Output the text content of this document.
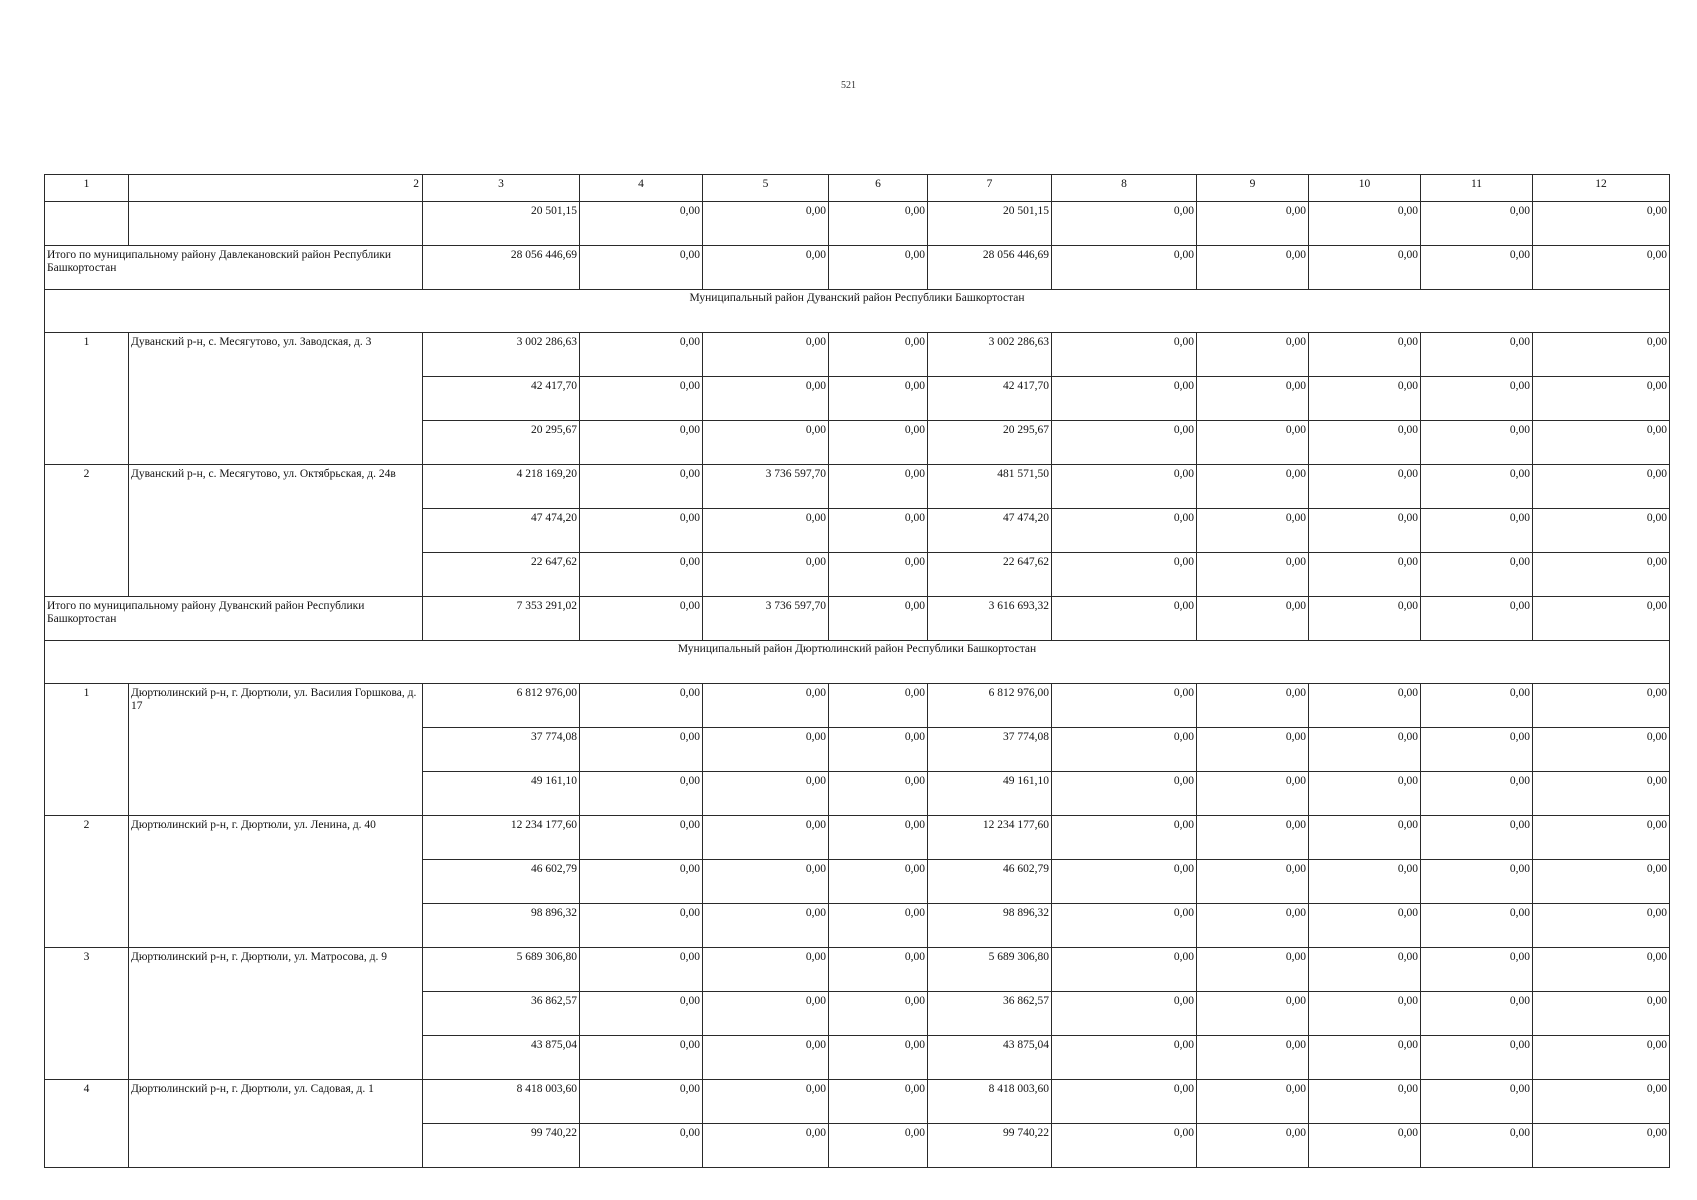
521
1	2	3	4	5	6	7	8	9	10	11	12
		20 501,15	0,00	0,00	0,00	20 501,15	0,00	0,00	0,00	0,00	0,00
Итого по муниципальному району Давлекановский район Республики Башкортостан		28 056 446,69	0,00	0,00	0,00	28 056 446,69	0,00	0,00	0,00	0,00	0,00
Муниципальный район Дуванский район Республики Башкортостан											
1	Дуванский р-н, с. Месягутово, ул. Заводская, д. 3	3 002 286,63	0,00	0,00	0,00	3 002 286,63	0,00	0,00	0,00	0,00	0,00
		42 417,70	0,00	0,00	0,00	42 417,70	0,00	0,00	0,00	0,00	0,00
		20 295,67	0,00	0,00	0,00	20 295,67	0,00	0,00	0,00	0,00	0,00
2	Дуванский р-н, с. Месягутово, ул. Октябрьская, д. 24в	4 218 169,20	0,00	3 736 597,70	0,00	481 571,50	0,00	0,00	0,00	0,00	0,00
		47 474,20	0,00	0,00	0,00	47 474,20	0,00	0,00	0,00	0,00	0,00
		22 647,62	0,00	0,00	0,00	22 647,62	0,00	0,00	0,00	0,00	0,00
Итого по муниципальному району Дуванский район Республики Башкортостан		7 353 291,02	0,00	3 736 597,70	0,00	3 616 693,32	0,00	0,00	0,00	0,00	0,00
Муниципальный район Дюртюлинский район Республики Башкортостан											
1	Дюртюлинский р-н, г. Дюртюли, ул. Василия Горшкова, д. 17	6 812 976,00	0,00	0,00	0,00	6 812 976,00	0,00	0,00	0,00	0,00	0,00
		37 774,08	0,00	0,00	0,00	37 774,08	0,00	0,00	0,00	0,00	0,00
		49 161,10	0,00	0,00	0,00	49 161,10	0,00	0,00	0,00	0,00	0,00
2	Дюртюлинский р-н, г. Дюртюли, ул. Ленина, д. 40	12 234 177,60	0,00	0,00	0,00	12 234 177,60	0,00	0,00	0,00	0,00	0,00
		46 602,79	0,00	0,00	0,00	46 602,79	0,00	0,00	0,00	0,00	0,00
		98 896,32	0,00	0,00	0,00	98 896,32	0,00	0,00	0,00	0,00	0,00
3	Дюртюлинский р-н, г. Дюртюли, ул. Матросова, д. 9	5 689 306,80	0,00	0,00	0,00	5 689 306,80	0,00	0,00	0,00	0,00	0,00
		36 862,57	0,00	0,00	0,00	36 862,57	0,00	0,00	0,00	0,00	0,00
		43 875,04	0,00	0,00	0,00	43 875,04	0,00	0,00	0,00	0,00	0,00
4	Дюртюлинский р-н, г. Дюртюли, ул. Садовая, д. 1	8 418 003,60	0,00	0,00	0,00	8 418 003,60	0,00	0,00	0,00	0,00	0,00
		99 740,22	0,00	0,00	0,00	99 740,22	0,00	0,00	0,00	0,00	0,00
